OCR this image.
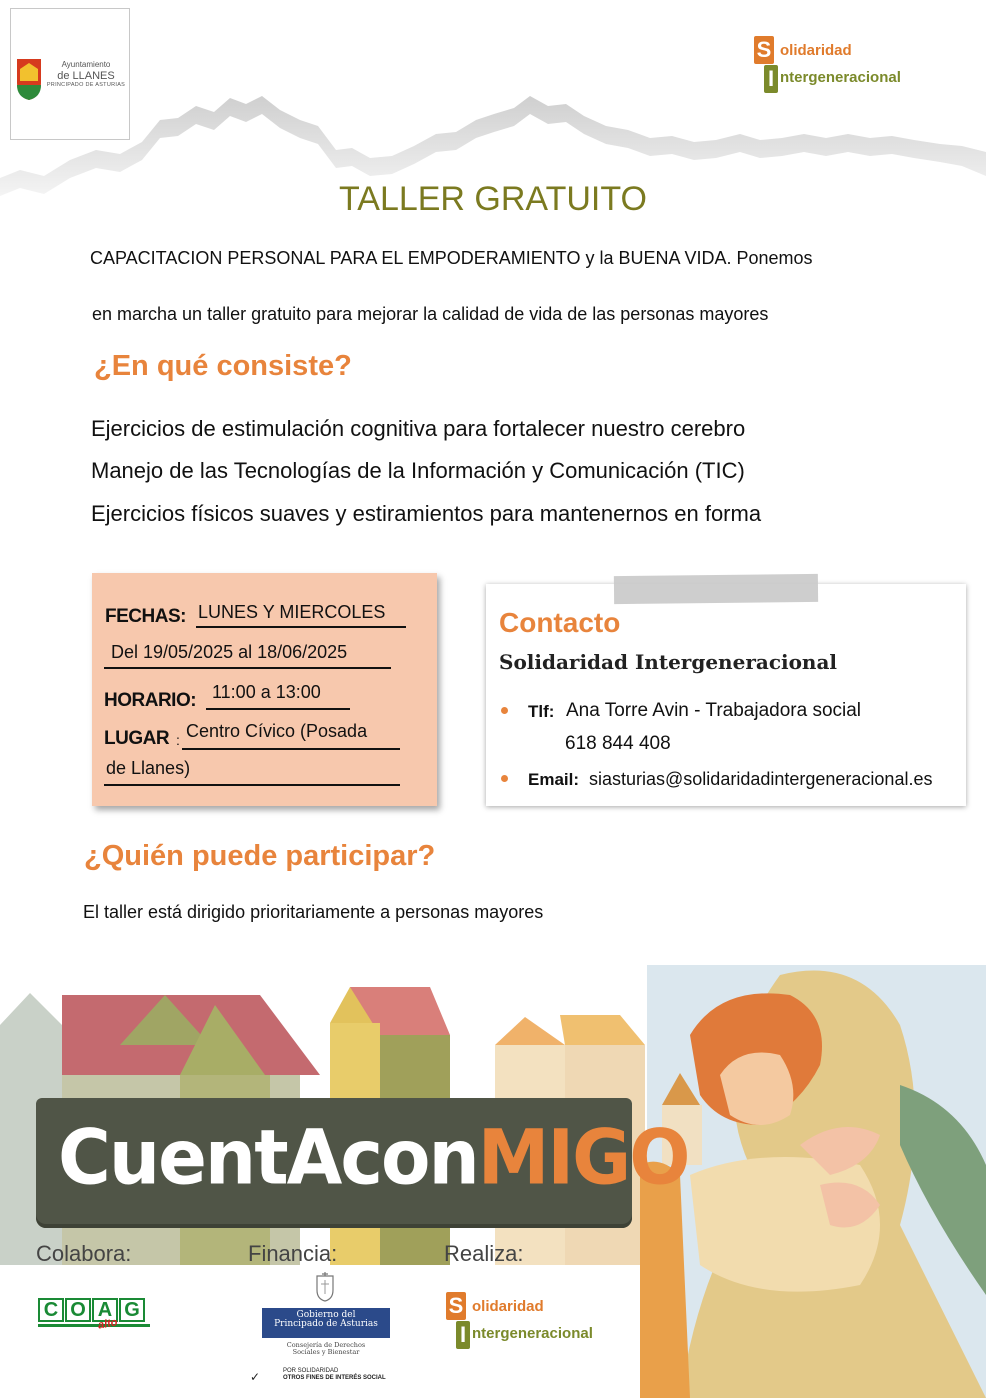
Ayuntamiento
de LLANES
PRINCIPADO DE ASTURIAS
S
I
olidaridad
ntergeneracional
TALLER GRATUITO
CAPACITACION PERSONAL PARA EL EMPODERAMIENTO y la BUENA VIDA. Ponemos
en marcha un taller gratuito para mejorar la calidad de vida de las personas mayores
¿En qué consiste?
Ejercicios de estimulación cognitiva para fortalecer nuestro cerebro
Manejo de las Tecnologías de la Información y Comunicación (TIC)
Ejercicios físicos suaves y estiramientos para mantenernos en forma
FECHAS: LUNES Y MIERCOLES
Del 19/05/2025 al 18/06/2025
HORARIO: 11:00 a 13:00
LUGAR : Centro Cívico (Posada
de Llanes)
Contacto
Solidaridad Intergeneracional
Tlf: Ana Torre Avin - Trabajadora social
618 844 408
Email: siasturias@solidaridadintergeneracional.es
¿Quién puede participar?
El taller está dirigido prioritariamente a personas mayores
CuentAconMIGO
Colabora:	Financia:	Realiza:
C O A G
alto
Gobierno del
Principado de Asturias
Consejería de Derechos
Sociales y Bienestar
✓	POR SOLIDARIDAD
OTROS FINES DE INTERÉS SOCIAL
S
I
olidaridad
ntergeneracional
